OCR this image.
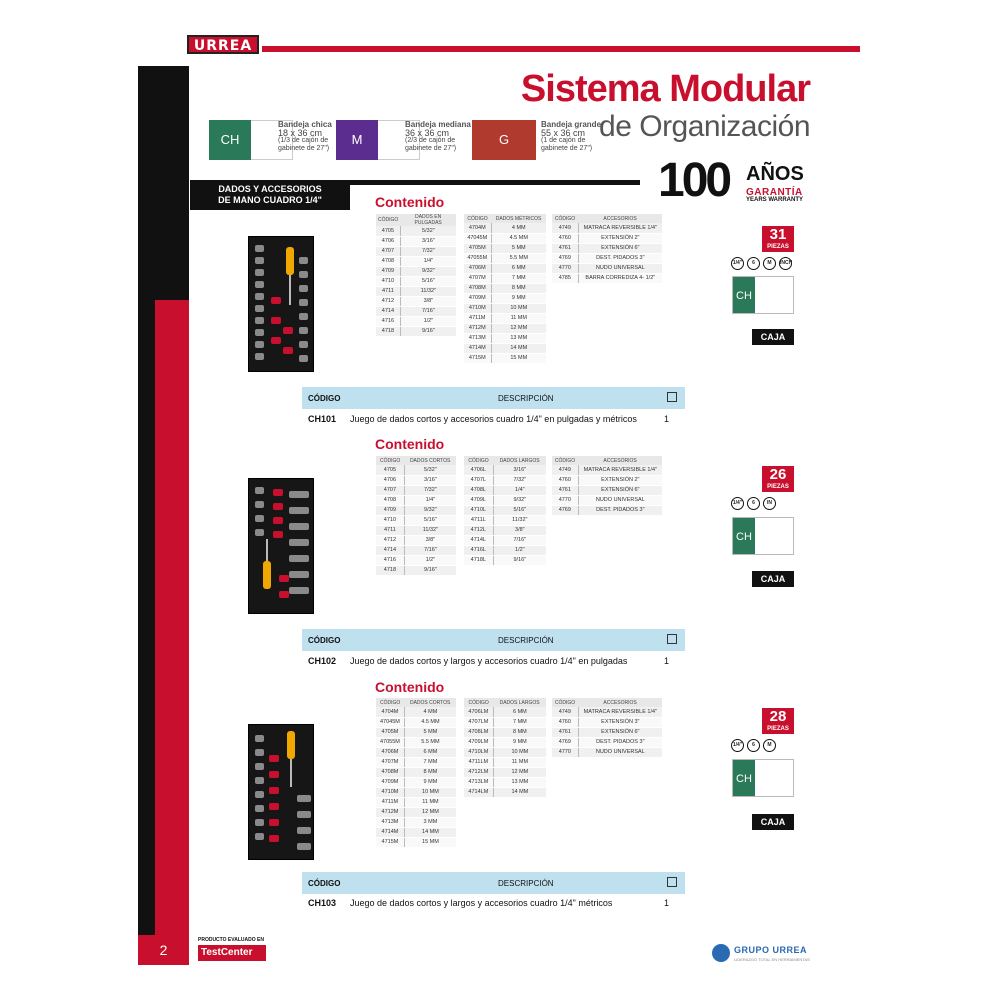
URREA
2
Sistema Modular
de Organización
100 AÑOS
GARANTÍA
YEARS WARRANTY
CH
Bandeja chica
18 x 36 cm
(1/3 de cajón de
gabinete de 27")
M
Bandeja mediana
36 x 36 cm
(2/3 de cajón de
gabinete de 27")
G
Bandeja grande
55 x 36 cm
(1 de cajón de
gabinete de 27")
DADOS Y ACCESORIOS
DE MANO CUADRO 1/4"	Contenido
CÓDIGO	DADOS EN PULGADAS
4705	5/32"
4706	3/16"
4707	7/32"
4708	1/4"
4709	9/32"
4710	5/16"
4711	11/32"
4712	3/8"
4714	7/16"
4716	1/2"
4718	9/16"
CÓDIGO	DADOS MÉTRICOS
4704M	4 MM
47045M	4.5 MM
4705M	5 MM
47055M	5.5 MM
4706M	6 MM
4707M	7 MM
4708M	8 MM
4709M	9 MM
4710M	10 MM
4711M	11 MM
4712M	12 MM
4713M	13 MM
4714M	14 MM
4715M	15 MM
CÓDIGO	ACCESORIOS
4749	MATRACA REVERSIBLE 1/4"
4760	EXTENSIÓN 2"
4761	EXTENSIÓN 6"
4769	DEST. PIDADOS 3"
4770	NUDO UNIVERSAL
4785	BARRA CORREDIZA 4- 1/2"
31
PIEZAS
1/4"	6	M	INCH
CH
CAJA
CÓDIGO	DESCRIPCIÓN
CH101 Juego de dados cortos y accesorios cuadro 1/4" en pulgadas y métricos	1
Contenido
CÓDIGO	DADOS CORTOS
4705	5/32"
4706	3/16"
4707	7/32"
4708	1/4"
4709	9/32"
4710	5/16"
4711	11/32"
4712	3/8"
4714	7/16"
4716	1/2"
4718	9/16"
CÓDIGO	DADOS LARGOS
4706L	3/16"
4707L	7/32"
4708L	1/4"
4709L	9/32"
4710L	5/16"
4711L	11/32"
4712L	3/8"
4714L	7/16"
4716L	1/2"
4718L	9/16"
CÓDIGO	ACCESORIOS
4749	MATRACA REVERSIBLE 1/4"
4760	EXTENSIÓN 2"
4761	EXTENSIÓN 6"
4770	NUDO UNIVERSAL
4769	DEST. PIDADOS 3"
26
PIEZAS
1/4"	6	IN
CH
CAJA
CÓDIGO	DESCRIPCIÓN
CH102 Juego de dados cortos y largos y accesorios cuadro 1/4" en pulgadas	1
Contenido
CÓDIGO	DADOS CORTOS
4704M	4 MM
47045M	4.5 MM
4705M	5 MM
47055M	5.5 MM
4706M	6 MM
4707M	7 MM
4708M	8 MM
4709M	9 MM
4710M	10 MM
4711M	11 MM
4712M	12 MM
4713M	3 MM
4714M	14 MM
4715M	15 MM
CÓDIGO	DADOS LARGOS
4706LM	6 MM
4707LM	7 MM
4708LM	8 MM
4709LM	9 MM
4710LM	10 MM
4711LM	11 MM
4712LM	12 MM
4713LM	13 MM
4714LM	14 MM
CÓDIGO	ACCESORIOS
4749	MATRACA REVERSIBLE 1/4"
4760	EXTENSIÓN 3"
4761	EXTENSIÓN 6"
4769	DEST. PIDADOS 3"
4770	NUDO UNIVERSAL
28
PIEZAS
1/4"	6	M
CH
CAJA
CÓDIGO	DESCRIPCIÓN
CH103 Juego de dados cortos y largos y accesorios cuadro 1/4" métricos	1
PRODUCTO EVALUADO EN
TestCenter	GRUPO URREA
LIDERAZGO TOTAL EN HERRAMIENTAS
